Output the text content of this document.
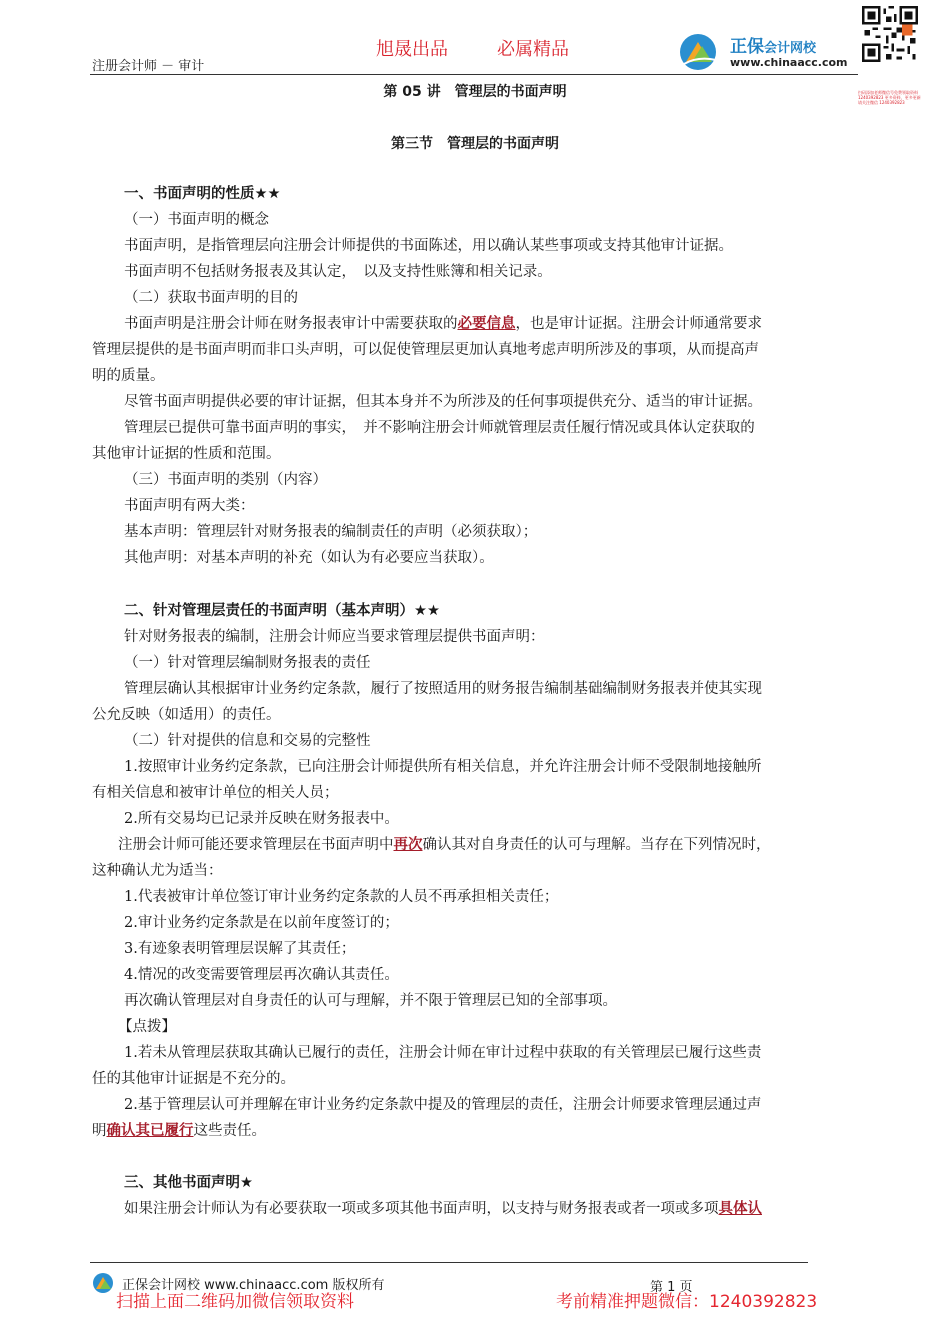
注册会计师 － 审计
旭晟出品	必属精品	正保会计网校
www.chinaacc.com
扫码添加老师微信号免费领取资料 1240392823 更多资料，更多更新请关注微信 1240392823
第 05 讲　管理层的书面声明
第三节　管理层的书面声明
一、书面声明的性质★★
（一）书面声明的概念
书面声明，是指管理层向注册会计师提供的书面陈述，用以确认某些事项或支持其他审计证据。
书面声明不包括财务报表及其认定，　以及支持性账簿和相关记录。
（二）获取书面声明的目的
书面声明是注册会计师在财务报表审计中需要获取的必要信息，也是审计证据。注册会计师通常要求
管理层提供的是书面声明而非口头声明，可以促使管理层更加认真地考虑声明所涉及的事项，从而提高声
明的质量。
尽管书面声明提供必要的审计证据，但其本身并不为所涉及的任何事项提供充分、适当的审计证据。
管理层已提供可靠书面声明的事实，　并不影响注册会计师就管理层责任履行情况或具体认定获取的
其他审计证据的性质和范围。
（三）书面声明的类别（内容）
书面声明有两大类：
基本声明：管理层针对财务报表的编制责任的声明（必须获取）；
其他声明：对基本声明的补充（如认为有必要应当获取）。
二、针对管理层责任的书面声明（基本声明）★★
针对财务报表的编制，注册会计师应当要求管理层提供书面声明：
（一）针对管理层编制财务报表的责任
管理层确认其根据审计业务约定条款，履行了按照适用的财务报告编制基础编制财务报表并使其实现
公允反映（如适用）的责任。
（二）针对提供的信息和交易的完整性
1.按照审计业务约定条款，已向注册会计师提供所有相关信息，并允许注册会计师不受限制地接触所
有相关信息和被审计单位的相关人员；
2.所有交易均已记录并反映在财务报表中。
注册会计师可能还要求管理层在书面声明中再次确认其对自身责任的认可与理解。当存在下列情况时，
这种确认尤为适当：
1.代表被审计单位签订审计业务约定条款的人员不再承担相关责任；
2.审计业务约定条款是在以前年度签订的；
3.有迹象表明管理层误解了其责任；
4.情况的改变需要管理层再次确认其责任。
再次确认管理层对自身责任的认可与理解，并不限于管理层已知的全部事项。
【点拨】
1.若未从管理层获取其确认已履行的责任，注册会计师在审计过程中获取的有关管理层已履行这些责
任的其他审计证据是不充分的。
2.基于管理层认可并理解在审计业务约定条款中提及的管理层的责任，注册会计师要求管理层通过声
明确认其已履行这些责任。
三、其他书面声明★
如果注册会计师认为有必要获取一项或多项其他书面声明，以支持与财务报表或者一项或多项具体认
正保会计网校 www.chinaacc.com 版权所有	第 1 页
扫描上面二维码加微信领取资料	考前精准押题微信：1240392823
